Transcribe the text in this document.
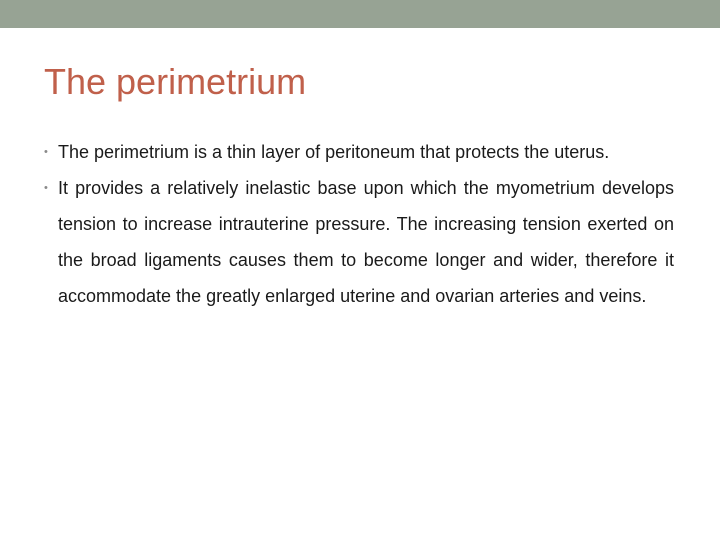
The perimetrium
• The perimetrium is a thin layer of peritoneum that protects the uterus.
• It provides a relatively inelastic base upon which the myometrium develops tension to increase intrauterine pressure. The increasing tension exerted on the broad ligaments causes them to become longer and wider, therefore it accommodate the greatly enlarged uterine and ovarian arteries and veins.
